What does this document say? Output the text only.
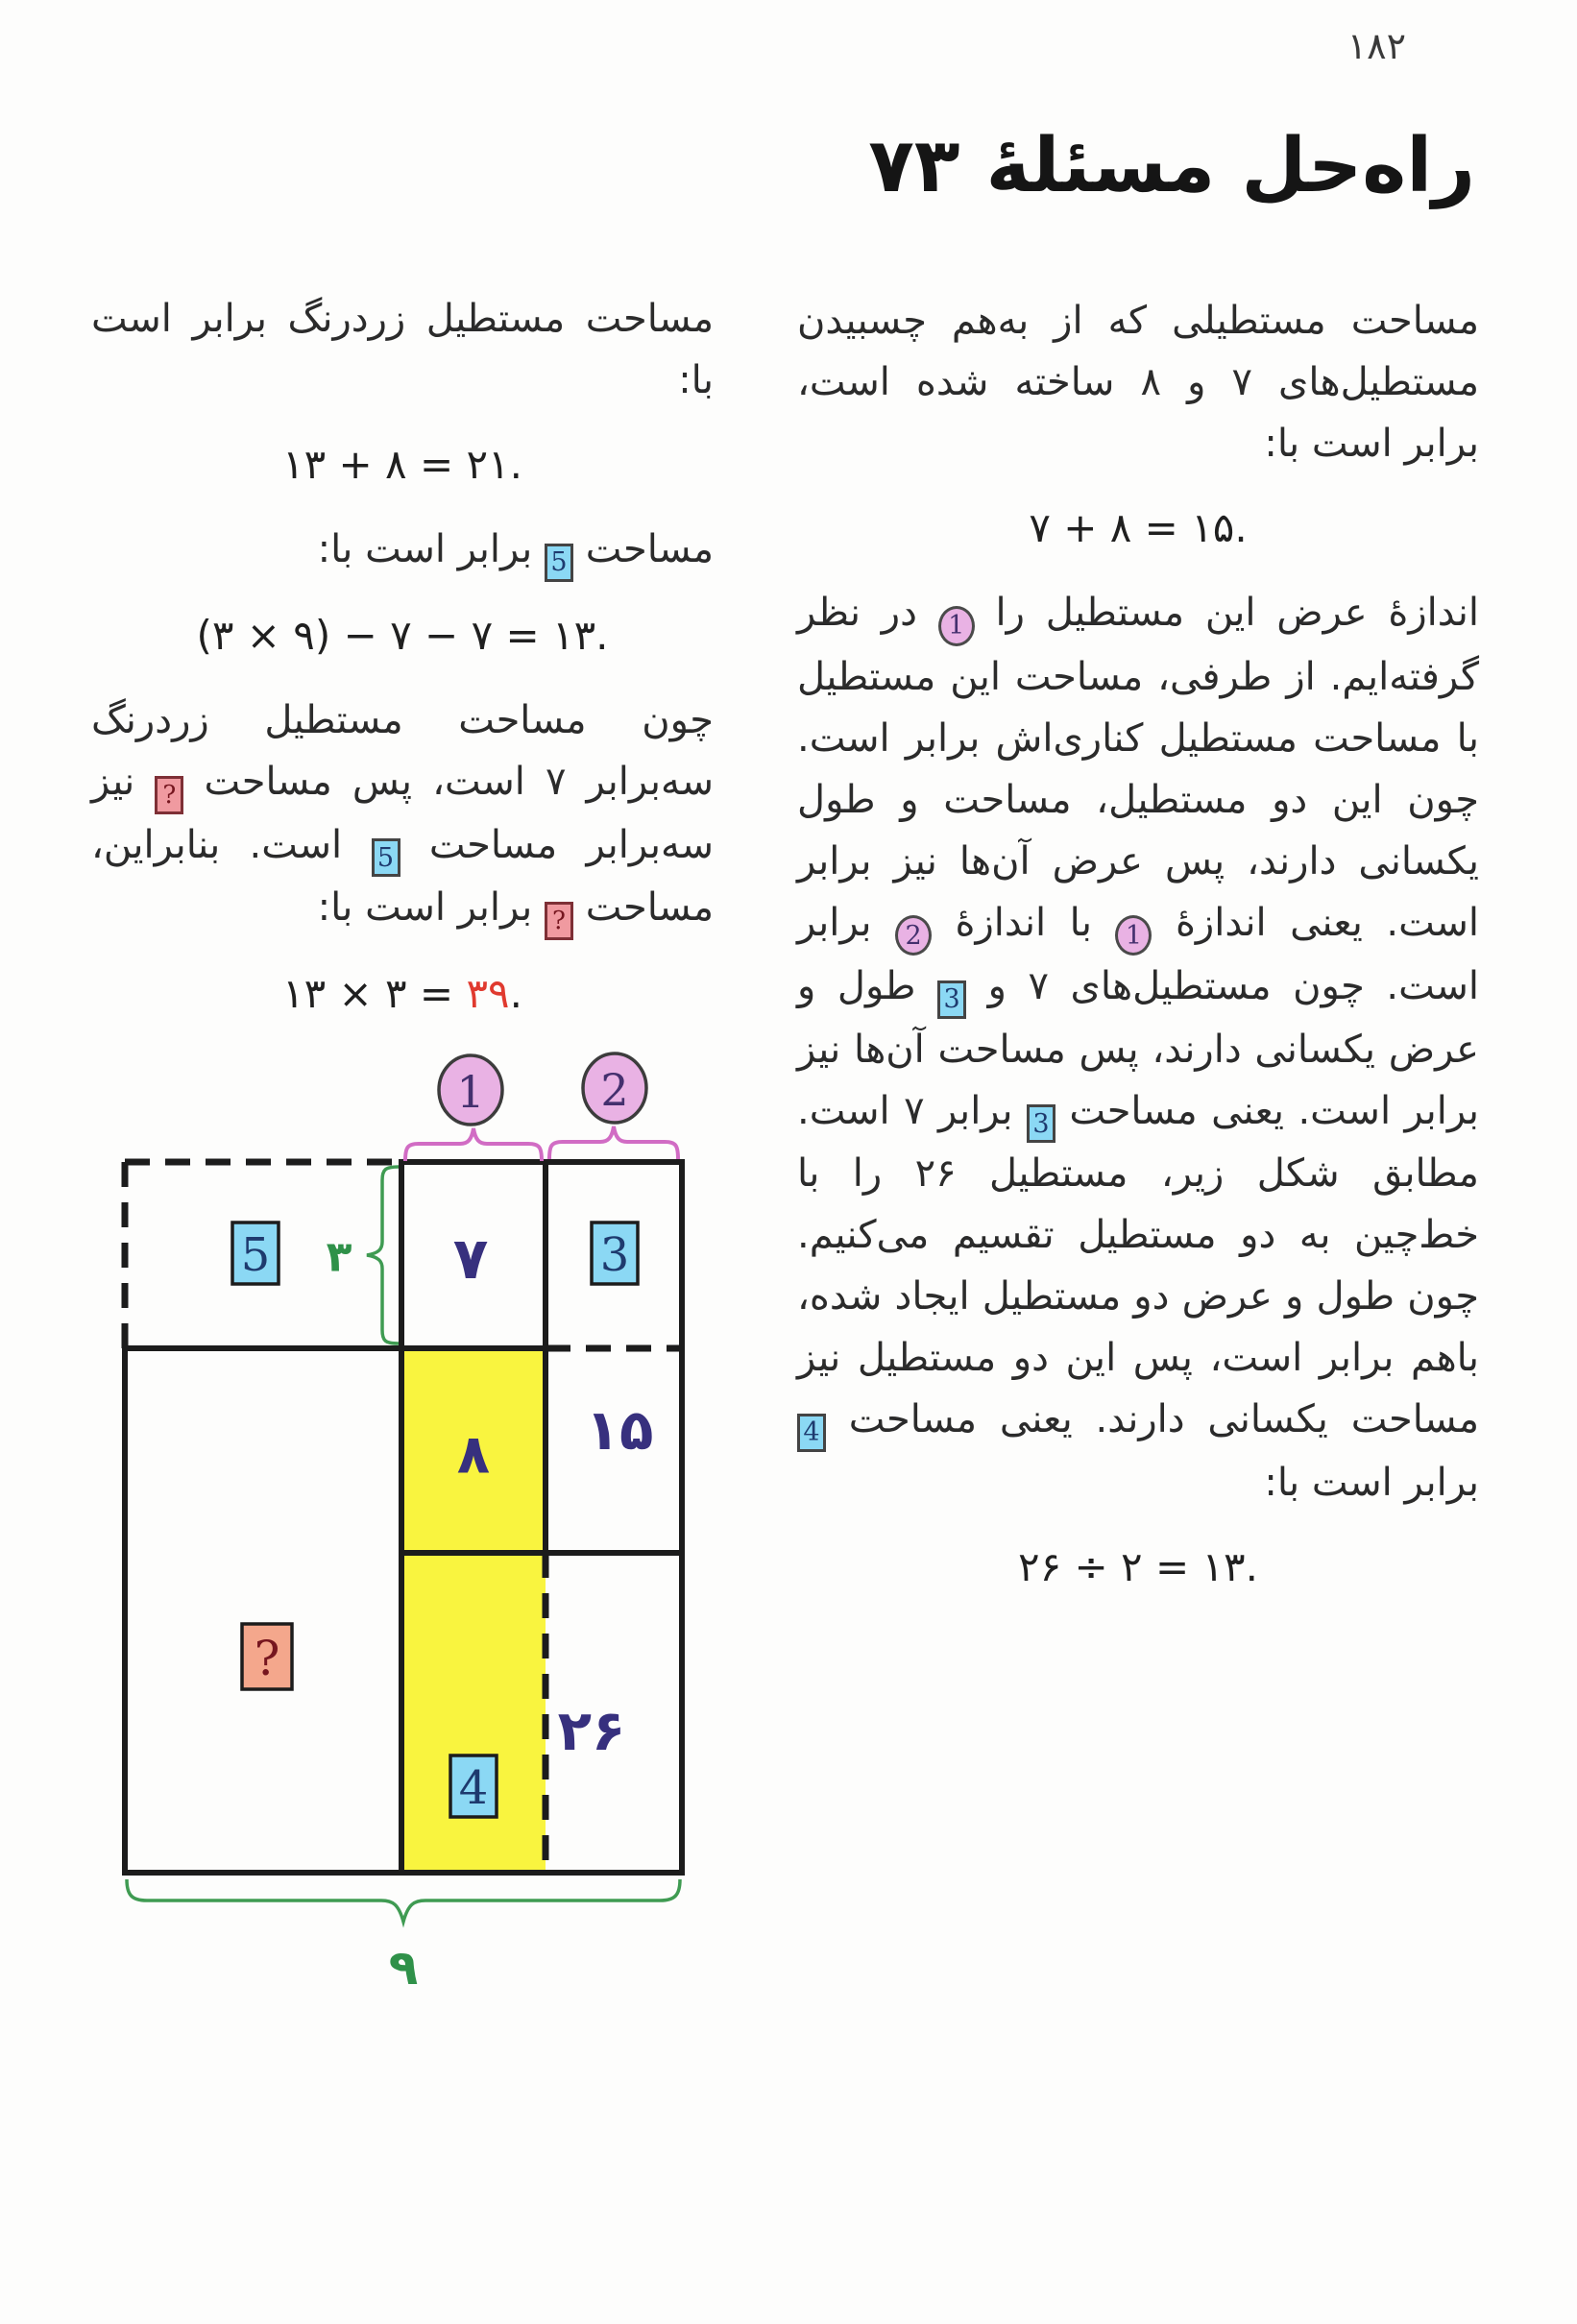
۱۸۲
راه‌حل مسئلهٔ ۷۳

مساحت مستطیلی که از به‌هم چسبیدن مستطیل‌های ۷ و ۸ ساخته شده است، برابر است با:

۷ + ۸ = ۱۵.

اندازهٔ عرض این مستطیل را 1 در نظر گرفته‌ایم. از طرفی، مساحت این مستطیل با مساحت مستطیل کناری‌اش برابر است. چون این دو مستطیل، مساحت و طول یکسانی دارند، پس عرض آن‌ها نیز برابر است. یعنی اندازهٔ 1 با اندازهٔ 2 برابر است. چون مستطیل‌های ۷ و 3 طول و عرض یکسانی دارند، پس مساحت آن‌ها نیز برابر است. یعنی مساحت 3 برابر ۷ است. مطابق شکل زیر، مستطیل ۲۶ را با خط‌چین به دو مستطیل تقسیم می‌کنیم. چون طول و عرض دو مستطیل ایجاد شده، باهم برابر است، پس این دو مستطیل نیز مساحت یکسانی دارند. یعنی مساحت 4 برابر است با:

۲۶ ÷ ۲ = ۱۳.

مساحت مستطیل زردرنگ برابر است با:

۱۳ + ۸ = ۲۱.

مساحت 5 برابر است با:

(۳ × ۹) − ۷ − ۷ = ۱۳.

چون مساحت مستطیل زردرنگ سه‌برابر ۷ است، پس مساحت ? نیز سه‌برابر مساحت 5 است. بنابراین، مساحت ? برابر است با:

۱۳ × ۳ = ۳۹.
1	2
۳
5	3
4
?
۷
۸ ۱۵
۲۶
۹
